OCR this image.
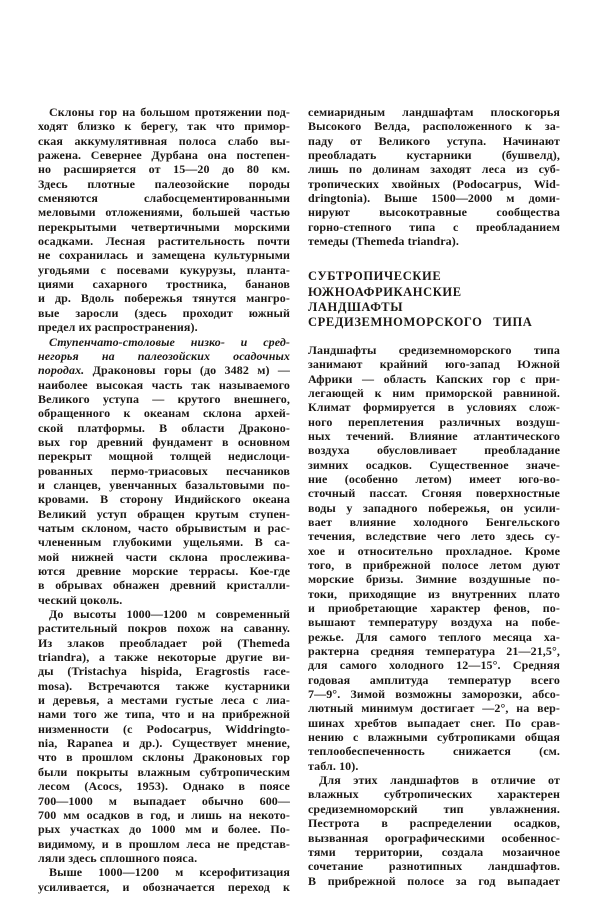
Склоны гор на большом протяжении под-
ходят близко к берегу, так что примор-
ская аккумулятивная полоса слабо вы-
ражена. Севернее Дурбана она постепен-
но расширяется от 15—20 до 80 км.
Здесь плотные палеозойские породы
сменяются слабосцементированными
меловыми отложениями, большей частью
перекрытыми четвертичными морскими
осадками. Лесная растительность почти
не сохранилась и замещена культурными
угодьями с посевами кукурузы, планта-
циями сахарного тростника, бананов
и др. Вдоль побережья тянутся мангро-
вые заросли (здесь проходит южный
предел их распространения).
Ступенчато-столовые низко- и сред-
негорья на палеозойских осадочных
породах. Драконовы горы (до 3482 м) —
наиболее высокая часть так называемого
Великого уступа — крутого внешнего,
обращенного к океанам склона архей-
ской платформы. В области Драконо-
вых гор древний фундамент в основном
перекрыт мощной толщей недислоци-
рованных пермо-триасовых песчаников
и сланцев, увенчанных базальтовыми по-
кровами. В сторону Индийского океана
Великий уступ обращен крутым ступен-
чатым склоном, часто обрывистым и рас-
члененным глубокими ущельями. В са-
мой нижней части склона прослежива-
ются древние морские террасы. Кое-где
в обрывах обнажен древний кристалли-
ческий цоколь.
До высоты 1000—1200 м современный
растительный покров похож на саванну.
Из злаков преобладает рой (Themeda
triandra), а также некоторые другие ви-
ды (Tristachya hispida, Eragrostis race-
mosa). Встречаются также кустарники
и деревья, а местами густые леса с лиа-
нами того же типа, что и на прибрежной
низменности (с Podocarpus, Widdringto-
nia, Rapanea и др.). Существует мнение,
что в прошлом склоны Драконовых гор
были покрыты влажным субтропическим
лесом (Acocs, 1953). Однако в поясе
700—1000 м выпадает обычно 600—
700 мм осадков в год, и лишь на некото-
рых участках до 1000 мм и более. По-
видимому, и в прошлом леса не представ-
ляли здесь сплошного пояса.
Выше 1000—1200 м ксерофитизация
усиливается, и обозначается переход к
семиаридным ландшафтам плоскогорья
Высокого Велда, расположенного к за-
паду от Великого уступа. Начинают
преобладать кустарники (бушвелд),
лишь по долинам заходят леса из суб-
тропических хвойных (Podocarpus, Wid-
dringtonia). Выше 1500—2000 м доми-
нируют высокотравные сообщества
горно-степного типа с преобладанием
темеды (Themeda triandra).
СУБТРОПИЧЕСКИЕ
ЮЖНОАФРИКАНСКИЕ
ЛАНДШАФТЫ
СРЕДИЗЕМНОМОРСКОГО ТИПА
Ландшафты средиземноморского типа
занимают крайний юго-запад Южной
Африки — область Капских гор с при-
легающей к ним приморской равниной.
Климат формируется в условиях слож-
ного переплетения различных воздуш-
ных течений. Влияние атлантического
воздуха обусловливает преобладание
зимних осадков. Существенное значе-
ние (особенно летом) имеет юго-во-
сточный пассат. Сгоняя поверхностные
воды у западного побережья, он усили-
вает влияние холодного Бенгельского
течения, вследствие чего лето здесь су-
хое и относительно прохладное. Кроме
того, в прибрежной полосе летом дуют
морские бризы. Зимние воздушные по-
токи, приходящие из внутренних плато
и приобретающие характер фенов, по-
вышают температуру воздуха на побе-
режье. Для самого теплого месяца ха-
рактерна средняя температура 21—21,5°,
для самого холодного 12—15°. Средняя
годовая амплитуда температур всего
7—9°. Зимой возможны заморозки, абсо-
лютный минимум достигает —2°, на вер-
шинах хребтов выпадает снег. По срав-
нению с влажными субтропиками общая
теплообеспеченность снижается (см.
табл. 10).
Для этих ландшафтов в отличие от
влажных субтропических характерен
средиземноморский тип увлажнения.
Пестрота в распределении осадков,
вызванная орографическими особеннос-
тями территории, создала мозаичное
сочетание разнотипных ландшафтов.
В прибрежной полосе за год выпадает
